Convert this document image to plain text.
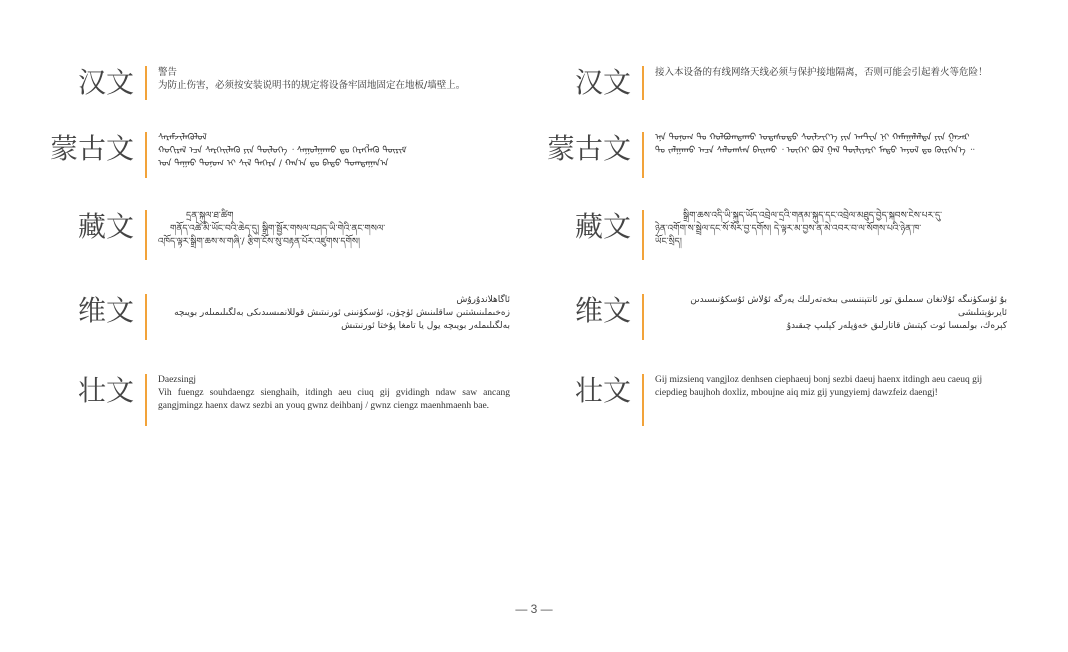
汉文	警告
为防止伤害，必须按安装说明书的规定将设备牢固地固定在地板/墙壁上。
蒙古文	ᠰᠡᠷᠡᠮᠵᠢᠯᠡᠬᠦᠯᠦᠯ
ᠬᠣᠬᠢᠷᠠᠯ ᠡᠴᠡ ᠰᠡᠷᠭᠡᠢᠯᠡᠬᠦ ᠶᠢᠨ ᠲᠥᠯᠦᠭᠡ ᠂ ᠰᠠᠭᠤᠯᠭᠠᠬᠤ ᠳᠤ ᠬᠡᠷᠡᠭᠯᠡᠬᠦ ᠳᠦᠷᠢᠮ
ᠤᠨ ᠳᠠᠭᠠᠤ ᠲᠣᠨᠣᠭ ᠢ ᠰᠢᠯ ᠳᠡᠭᠡᠷᠡ / ᠬᠠᠨ᠎ᠠ ᠳᠤ ᠪᠠᠲᠤ ᠲᠣᠭᠲᠠᠭᠠᠨ᠎ᠠ
藏文	དྲན་སྐུལ་ཐ་ཚིག
གནོད་འཚེ་མི་ཡོང་བའི་ཆེད་དུ། སྒྲིག་སྦྱོར་གསལ་བཤད་ཡི་གེའི་ནང་གསལ་
འཁོད་ལྟར་སྒྲིག་ཆས་ས་གཞི་/ རྩིག་ངོས་སུ་བརྟན་པོར་འཛུགས་དགོས།
维文	ئاگاھلاندۇرۇش
زەخىملىنىشتىن ساقلىنىش ئۈچۈن، ئۈسكۈنىنى ئورنىتىش قوللانمىسىدىكى بەلگىلىمىلەر بويىچە
بەلگىلىملەر بويىچە يول يا تامغا پۇختا ئورنىتىش
壮文	Daezsingj
Vih fuengz souhdaengz sienghaih, itdingh aeu ciuq gij gvidingh ndaw saw ancang gangjmingz haenx dawz sezbi an youq gwnz deihbanj / gwnz ciengz maenhmaenh bae.
汉文	接入本设备的有线网络天线必须与保护接地隔离，否则可能会引起着火等危险！
蒙古文	ᠡᠨᠡ ᠲᠣᠨᠣᠭ ᠲᠤ ᠬᠣᠯᠪᠣᠭᠳᠠᠬᠤ ᠤᠲᠠᠰᠤᠲᠤ ᠰᠦᠯᠵᠢᠶ᠎ᠡ ᠶᠢᠨ ᠠᠨᠲ᠋ᠧᠨ ᠨᠢ ᠬᠠᠮᠠᠭᠠᠯᠠᠯᠲᠠ ᠶᠢᠨ ᠭᠠᠵᠠᠷ
ᠲᠤ ᠵᠠᠯᠭᠠᠬᠤ ᠠᠴᠠ ᠰᠠᠯᠤᠭᠰᠠᠨ ᠪᠠᠢᠬᠤ ᠂ ᠦᠭᠡᠢ ᠪᠣᠯ ᠭᠠᠯ ᠲᠦᠯᠢᠶᠡᠷᠢ ᠮᠡᠲᠦ ᠠᠶᠤᠯ ᠳᠤ ᠬᠦᠷᠭᠡᠨ᠎ᠡ ᠃
藏文	སྒྲིག་ཆས་འདི་ཡི་སྐུད་ཡོད་འབྲེལ་དྲའི་གནམ་སྐུད་དང་འབྲེལ་མཐུད་བྱེད་སྐབས་ངེས་པར་དུ་
ཉེན་འགོག་ས་སྦྲེལ་དང་སོ་སོར་བྱ་དགོས། དེ་ལྟར་མ་བྱས་ན་མེ་འབར་བ་ལ་སོགས་པའི་ཉེན་ཁ་
ཡོང་སྲིད།
维文	بۇ ئۈسكۈنىگە ئۇلانغان سىملىق تور ئانتېننىسى بىخەتەرلىك يەرگە ئۇلاش ئۇسكۇنىسىدىن ئايرىۋېتىلىشى
كېرەك، بولمىسا ئوت كېتىش قاتارلىق خەۋپلەر كېلىپ چىقىدۇ
壮文	Gij mizsienq vangjloz denhsen ciephaeuj bonj sezbi daeuj haenx itdingh aeu caeuq gij ciepdieg baujhoh doxliz, mboujne aiq miz gij yungyiemj dawzfeiz daengj!
— 3 —
